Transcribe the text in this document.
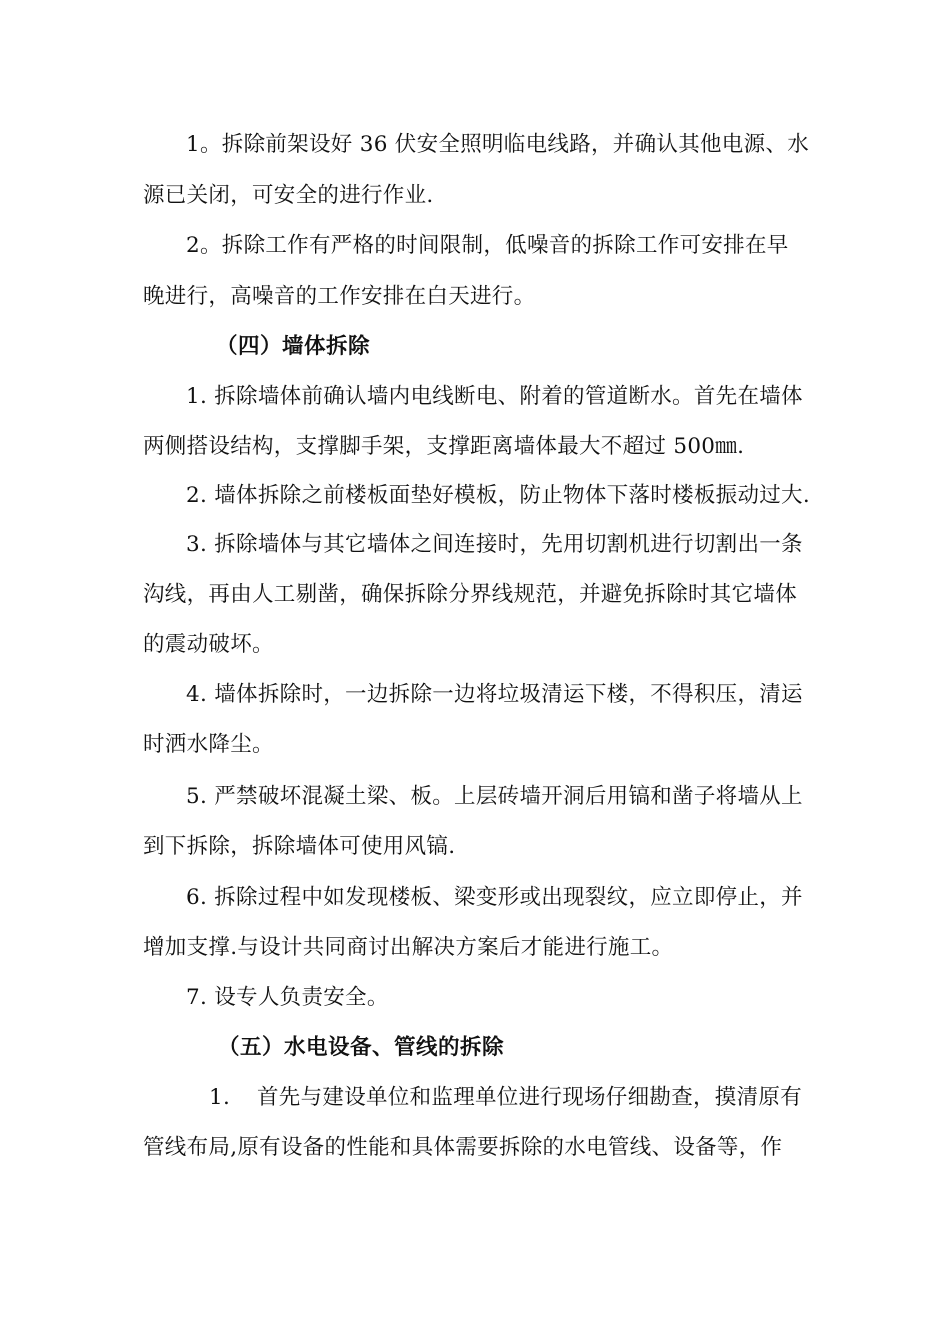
1。拆除前架设好 36 伏安全照明临电线路，并确认其他电源、水
源已关闭，可安全的进行作业.
2。拆除工作有严格的时间限制，低噪音的拆除工作可安排在早
晚进行，高噪音的工作安排在白天进行。
（四）墙体拆除
1. 拆除墙体前确认墙内电线断电、附着的管道断水。首先在墙体
两侧搭设结构，支撑脚手架，支撑距离墙体最大不超过 500㎜.
2. 墙体拆除之前楼板面垫好模板，防止物体下落时楼板振动过大.
3. 拆除墙体与其它墙体之间连接时，先用切割机进行切割出一条
沟线，再由人工剔凿，确保拆除分界线规范，并避免拆除时其它墙体
的震动破坏。
4. 墙体拆除时，一边拆除一边将垃圾清运下楼，不得积压，清运
时洒水降尘。
5. 严禁破坏混凝土梁、板。上层砖墙开洞后用镐和凿子将墙从上
到下拆除，拆除墙体可使用风镐.
6. 拆除过程中如发现楼板、梁变形或出现裂纹，应立即停止，并
增加支撑.与设计共同商讨出解决方案后才能进行施工。
7. 设专人负责安全。
（五）水电设备、管线的拆除
1. 首先与建设单位和监理单位进行现场仔细勘查，摸清原有
管线布局,原有设备的性能和具体需要拆除的水电管线、设备等，作
